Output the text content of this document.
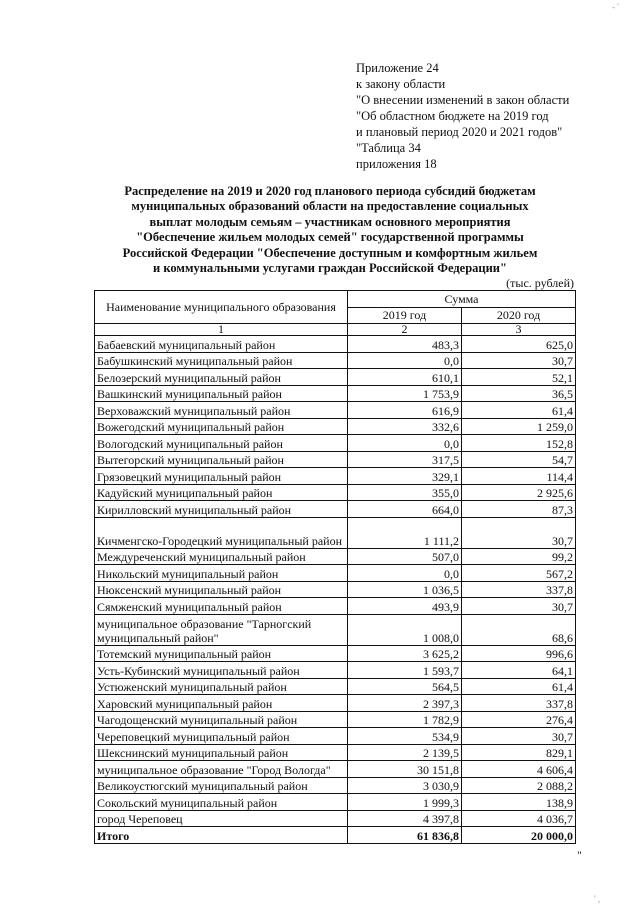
- '
Приложение 24
к закону области
"О внесении изменений в закон области
"Об областном бюджете на 2019 год
и плановый период 2020 и 2021 годов"
"Таблица 34
приложения 18
Распределение на 2019 и 2020 год планового периода субсидий бюджетам
муниципальных образований области на предоставление социальных
выплат молодым семьям – участникам основного мероприятия
"Обеспечение жильем молодых семей" государственной программы
Российской Федерации "Обеспечение доступным и комфортным жильем
и коммунальными услугами граждан Российской Федерации"
(тыс. рублей)
Наименование муниципального образования	Сумма	
	2019 год	2020 год
1	2	3
Бабаевский муниципальный район	483,3	625,0
Бабушкинский муниципальный район	0,0	30,7
Белозерский муниципальный район	610,1	52,1
Вашкинский муниципальный район	1 753,9	36,5
Верховажский муниципальный район	616,9	61,4
Вожегодский муниципальный район	332,6	1 259,0
Вологодский муниципальный район	0,0	152,8
Вытегорский муниципальный район	317,5	54,7
Грязовецкий муниципальный район	329,1	114,4
Кадуйский муниципальный район	355,0	2 925,6
Кирилловский муниципальный район	664,0	87,3
Кичменгско-Городецкий муниципальный район	1 111,2	30,7
Междуреченский муниципальный район	507,0	99,2
Никольский муниципальный район	0,0	567,2
Нюксенский муниципальный район	1 036,5	337,8
Сямженский муниципальный район	493,9	30,7
муниципальное образование "Тарногский муниципальный район"	1 008,0	68,6
Тотемский муниципальный район	3 625,2	996,6
Усть-Кубинский муниципальный район	1 593,7	64,1
Устюженский муниципальный район	564,5	61,4
Харовский муниципальный район	2 397,3	337,8
Чагодощенский муниципальный район	1 782,9	276,4
Череповецкий муниципальный район	534,9	30,7
Шекснинский муниципальный район	2 139,5	829,1
муниципальное образование "Город Вологда"	30 151,8	4 606,4
Великоустюгский муниципальный район	3 030,9	2 088,2
Сокольский муниципальный район	1 999,3	138,9
город Череповец	4 397,8	4 036,7
Итого	61 836,8	20 000,0
"
' ,
